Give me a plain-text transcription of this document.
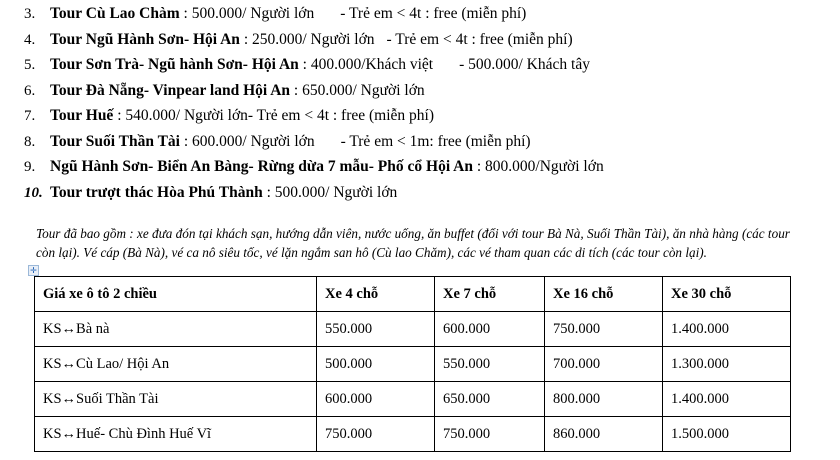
3. Tour Cù Lao Chàm : 500.000/ Người lớn - Trẻ em < 4t : free (miễn phí)
4. Tour Ngũ Hành Sơn- Hội An : 250.000/ Người lớn - Trẻ em < 4t : free (miễn phí)
5. Tour Sơn Trà- Ngũ hành Sơn- Hội An : 400.000/Khách việt - 500.000/ Khách tây
6. Tour Đà Nẵng- Vinpear land Hội An : 650.000/ Người lớn
7. Tour Huế : 540.000/ Người lớn- Trẻ em < 4t : free (miễn phí)
8. Tour Suối Thần Tài : 600.000/ Người lớn - Trẻ em < 1m: free (miễn phí)
9. Ngũ Hành Sơn- Biển An Bàng- Rừng dừa 7 mẫu- Phố cổ Hội An : 800.000/Người lớn
10. Tour trượt thác Hòa Phú Thành : 500.000/ Người lớn
Tour đã bao gồm : xe đưa đón tại khách sạn, hướng dẫn viên, nước uống, ăn buffet (đối với tour Bà Nà, Suối Thần Tài), ăn nhà hàng (các tour còn lại). Vé cáp (Bà Nà), vé ca nô siêu tốc, vé lặn ngắm san hô (Cù lao Chăm), các vé tham quan các di tích (các tour còn lại).
✛
Giá xe ô tô 2 chiều	Xe 4 chỗ	Xe 7 chỗ	Xe 16 chỗ	Xe 30 chỗ
KS↔Bà nà	550.000	600.000	750.000	1.400.000
KS↔Cù Lao/ Hội An	500.000	550.000	700.000	1.300.000
KS↔Suối Thần Tài	600.000	650.000	800.000	1.400.000
KS↔Huế- Chù Đình Huế Vĩ	750.000	750.000	860.000	1.500.000
